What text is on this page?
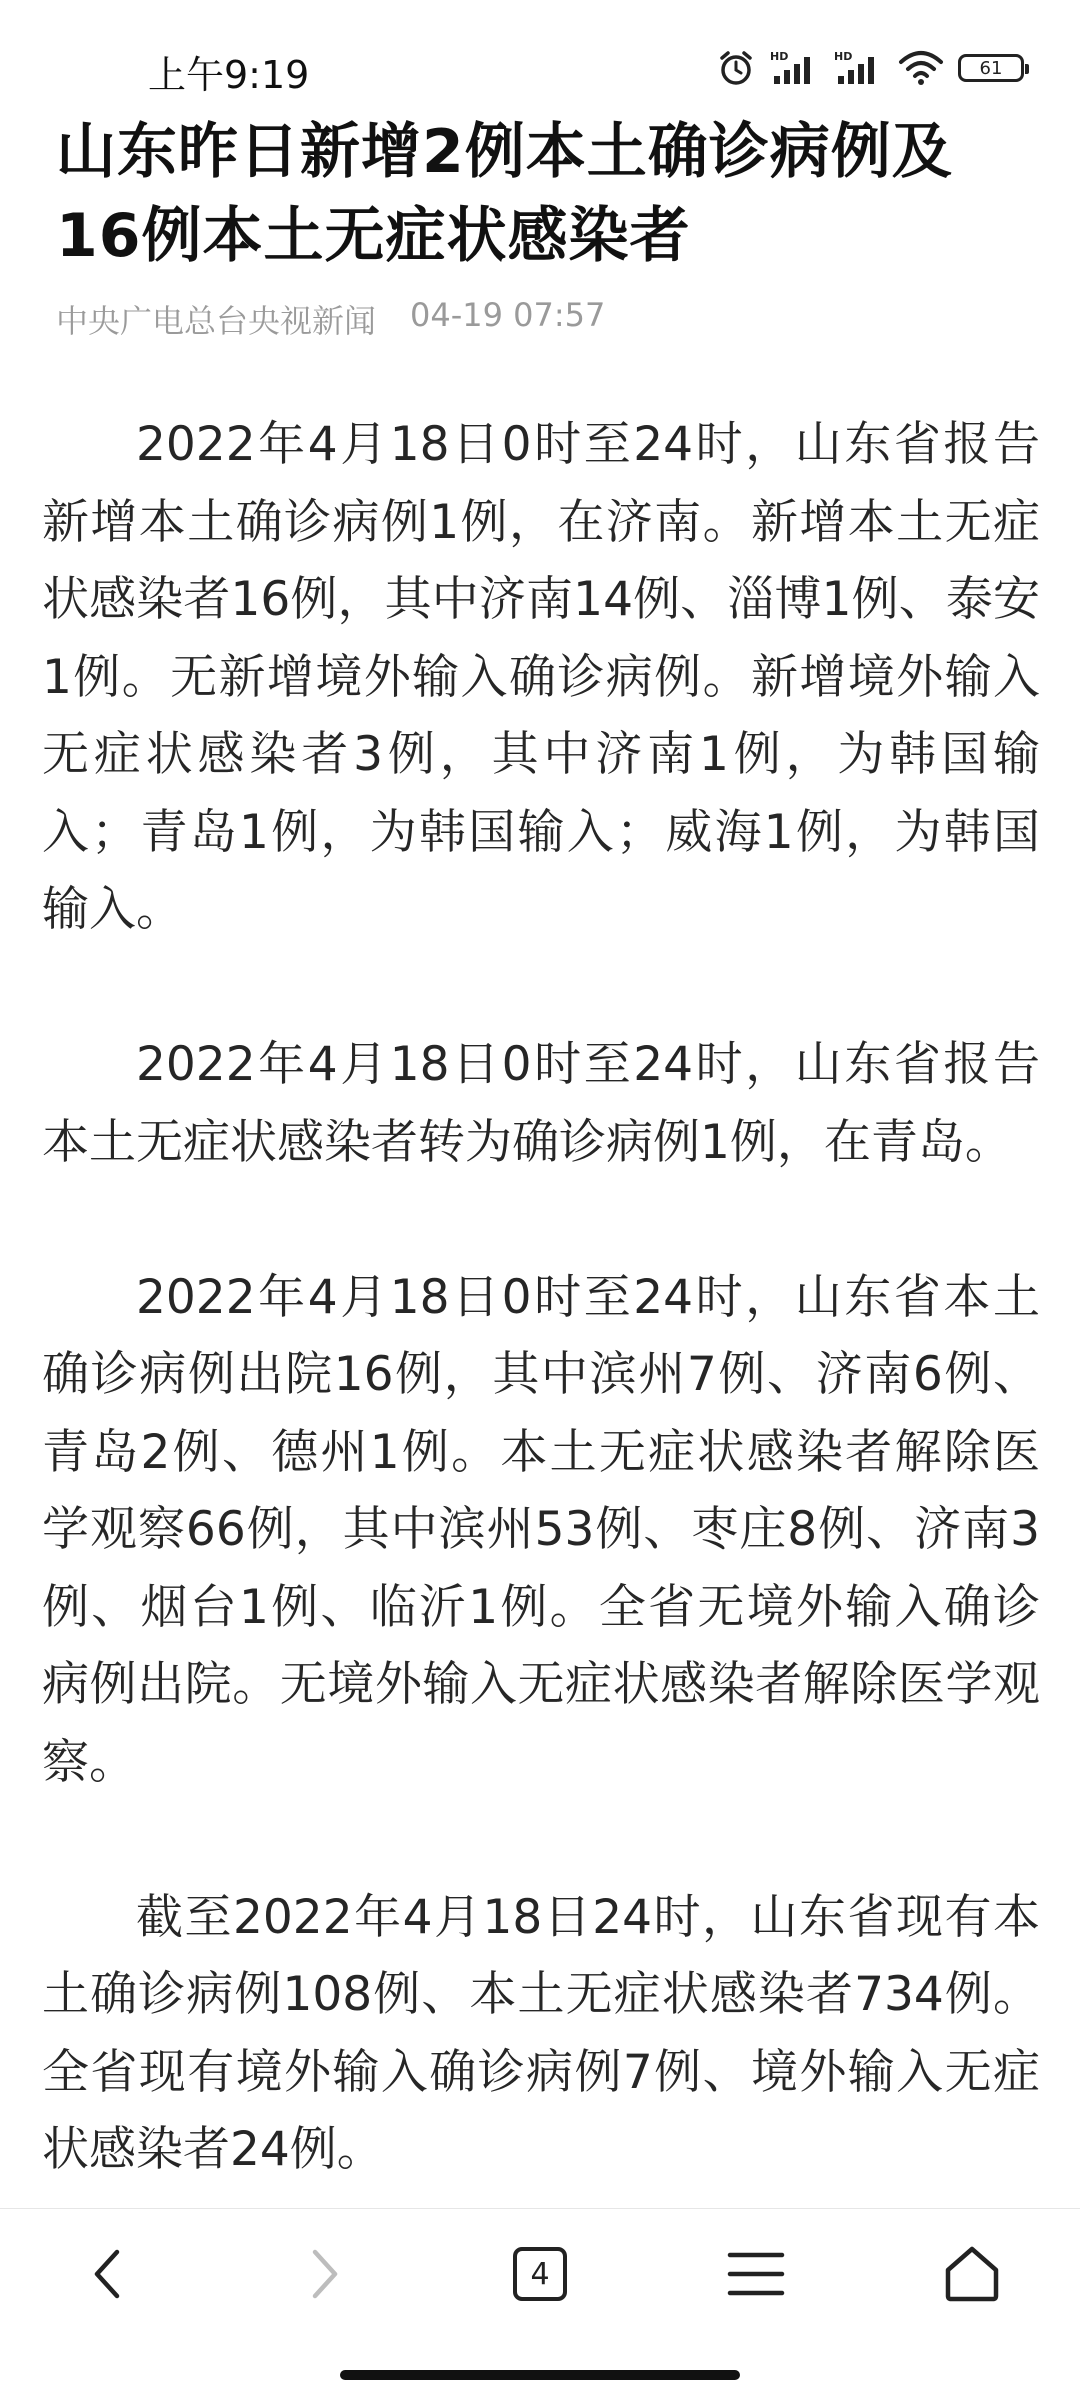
上午9:19	HD	HD
61
山东昨日新增2例本土确诊病例及16例本土无症状感染者
中央广电总台央视新闻 04-19 07:57

2022年4月18日0时至24时，山东省报告新增本土确诊病例1例，在济南。新增本土无症状感染者16例，其中济南14例、淄博1例、泰安1例。无新增境外输入确诊病例。新增境外输入无症状感染者3例，其中济南1例，为韩国输入；青岛1例，为韩国输入；威海1例，为韩国输入。

2022年4月18日0时至24时，山东省报告本土无症状感染者转为确诊病例1例，在青岛。

2022年4月18日0时至24时，山东省本土确诊病例出院16例，其中滨州7例、济南6例、青岛2例、德州1例。本土无症状感染者解除医学观察66例，其中滨州53例、枣庄8例、济南3例、烟台1例、临沂1例。全省无境外输入确诊病例出院。无境外输入无症状感染者解除医学观察。

截至2022年4月18日24时，山东省现有本土确诊病例108例、本土无症状感染者734例。全省现有境外输入确诊病例7例、境外输入无症状感染者24例。

4
